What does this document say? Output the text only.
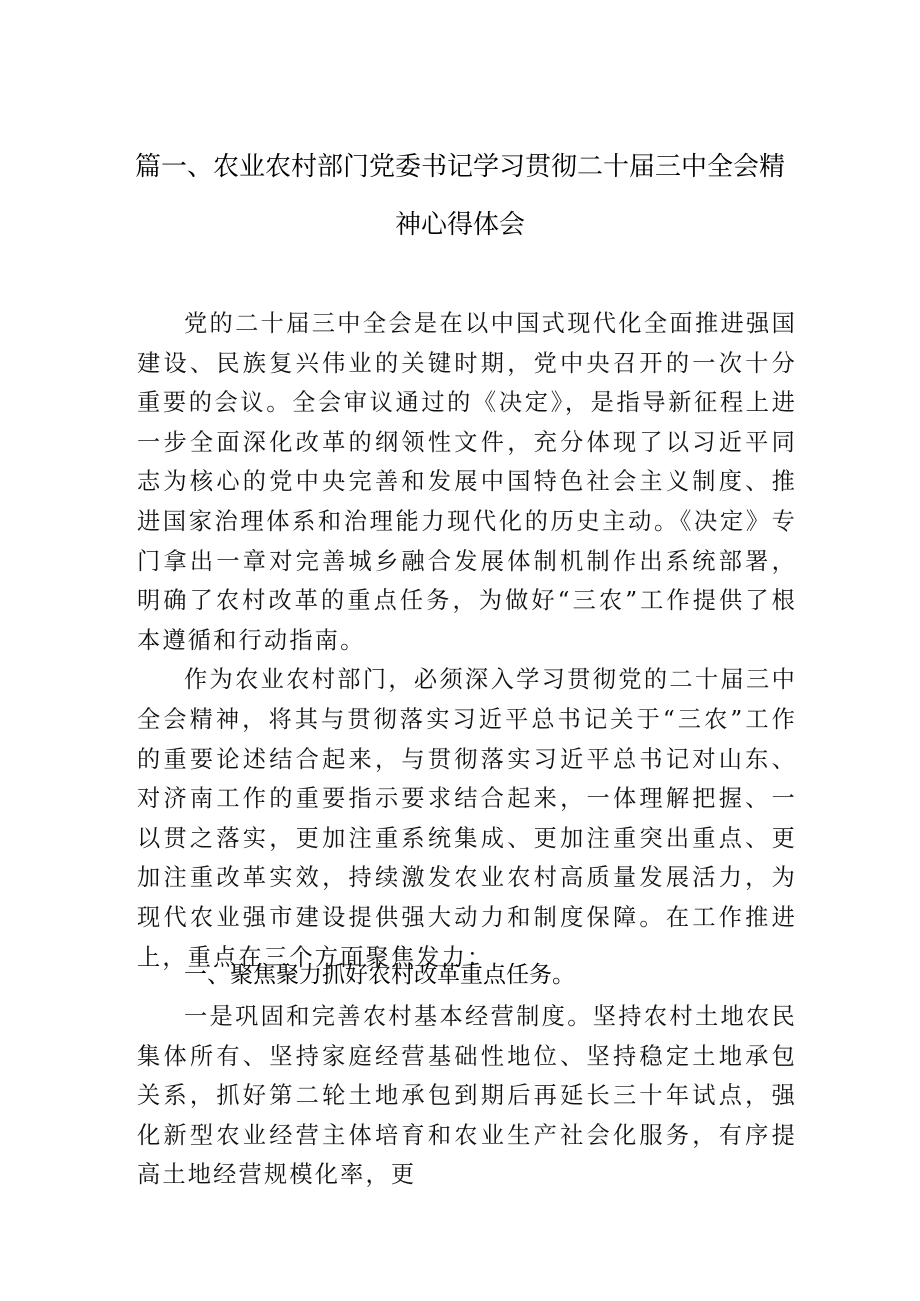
篇一、农业农村部门党委书记学习贯彻二十届三中全会精
神心得体会

党的二十届三中全会是在以中国式现代化全面推进强国建设、民族复兴伟业的关键时期，党中央召开的一次十分重要的会议。全会审议通过的《决定》，是指导新征程上进一步全面深化改革的纲领性文件，充分体现了以习近平同志为核心的党中央完善和发展中国特色社会主义制度、推进国家治理体系和治理能力现代化的历史主动。《决定》专门拿出一章对完善城乡融合发展体制机制作出系统部署，明确了农村改革的重点任务，为做好“三农”工作提供了根本遵循和行动指南。

作为农业农村部门，必须深入学习贯彻党的二十届三中全会精神，将其与贯彻落实习近平总书记关于“三农”工作的重要论述结合起来，与贯彻落实习近平总书记对山东、对济南工作的重要指示要求结合起来，一体理解把握、一以贯之落实，更加注重系统集成、更加注重突出重点、更加注重改革实效，持续激发农业农村高质量发展活力，为现代农业强市建设提供强大动力和制度保障。在工作推进上，重点在三个方面聚焦发力：

一、聚焦聚力抓好农村改革重点任务。

一是巩固和完善农村基本经营制度。坚持农村土地农民集体所有、坚持家庭经营基础性地位、坚持稳定土地承包关系，抓好第二轮土地承包到期后再延长三十年试点，强化新型农业经营主体培育和农业生产社会化服务，有序提高土地经营规模化率，更
